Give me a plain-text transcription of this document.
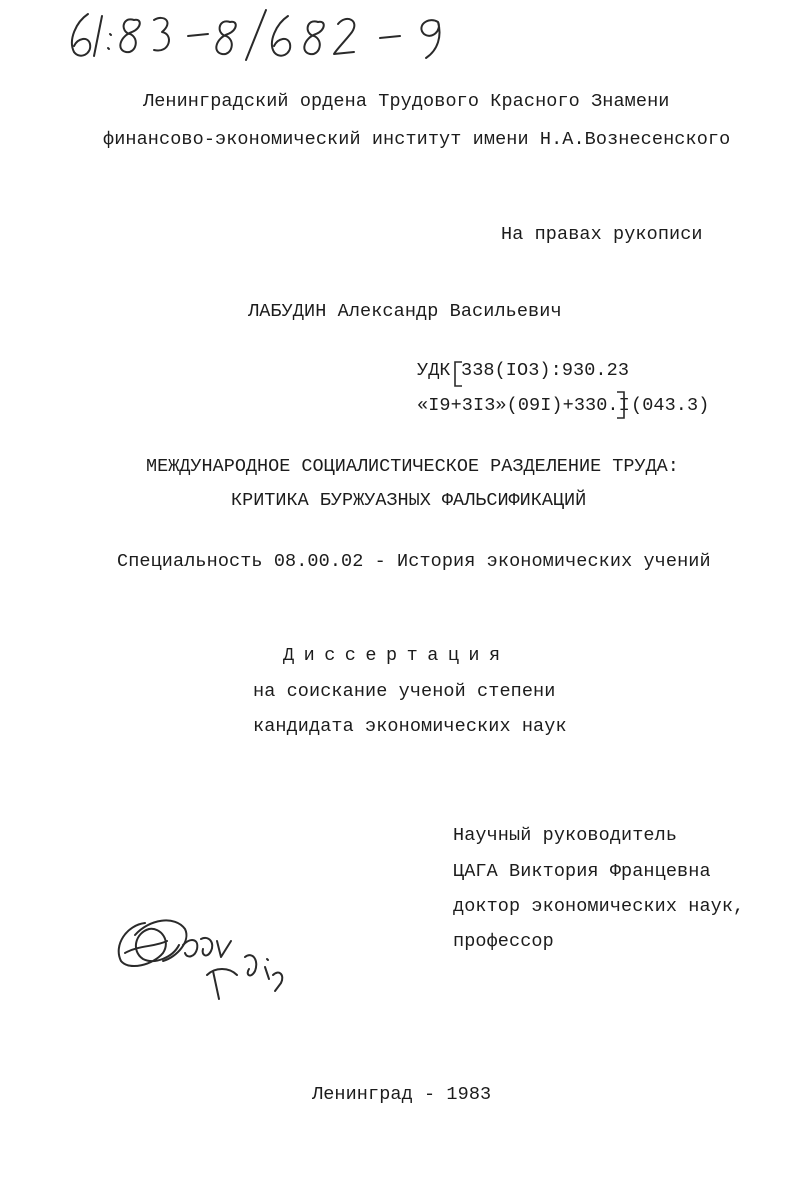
Ленинградский ордена Трудового Красного Знамени
финансово-экономический институт имени Н.А.Вознесенского
На правах рукописи
ЛАБУДИН Александр Васильевич
УДК 338(IO3):930.23
«I9+3I3»(09I)+330.I (043.3)
МЕЖДУНАРОДНОЕ СОЦИАЛИСТИЧЕСКОЕ РАЗДЕЛЕНИЕ ТРУДА:
КРИТИКА БУРЖУАЗНЫХ ФАЛЬСИФИКАЦИЙ
Специальность 08.00.02 - История экономических учений
Диссертация
на соискание ученой степени
кандидата экономических наук
Научный руководитель
ЦАГА Виктория Францевна
доктор экономических наук,
профессор
Ленинград - 1983
